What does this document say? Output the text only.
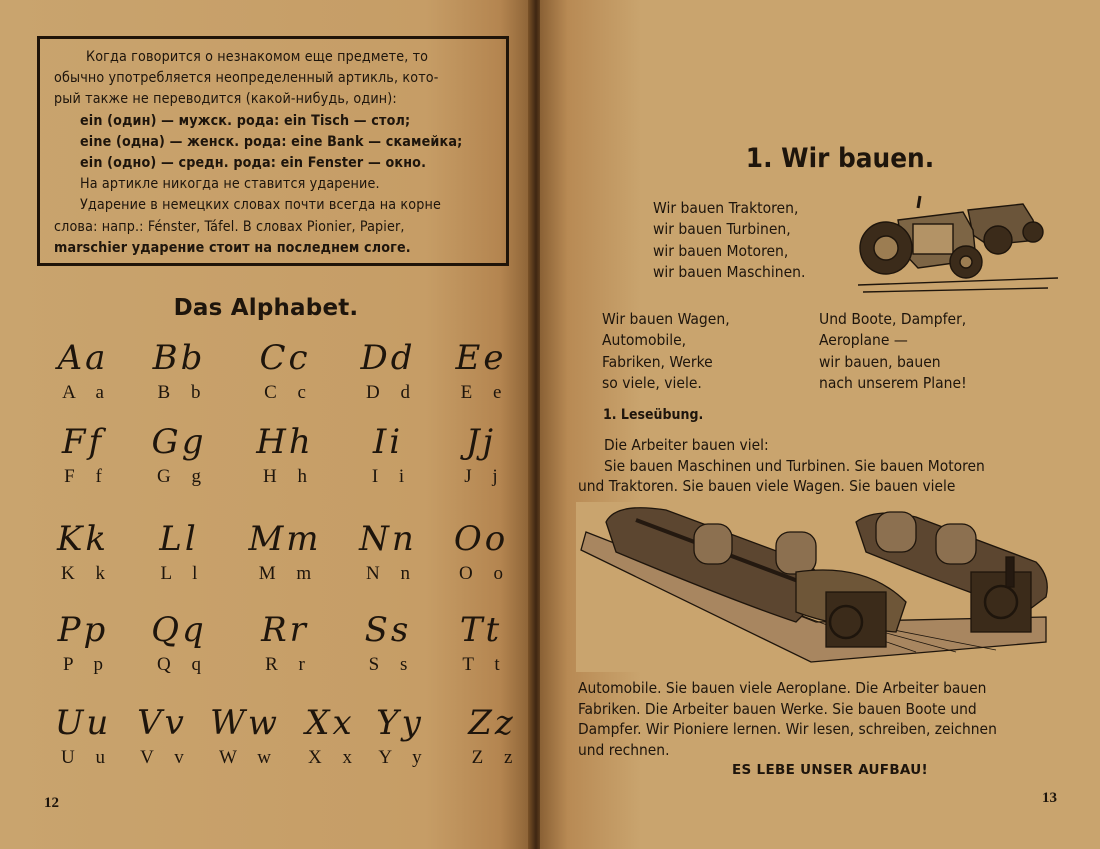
Когда говорится о незнакомом еще предмете, то
обычно употребляется неопределенный артикль, кото-
рый также не переводится (какой-нибудь, один):
ein (один) — мужск. рода: ein Tisch — стол;
eine (одна) — женск. рода: eine Bank — скамейка;
ein (одно) — средн. рода: ein Fenster — окно.
На артикле никогда не ставится ударение.
Ударение в немецких словах почти всегда на корне
слова: напр.: Fénster, Táfel. В словах Pionier, Papier,
marschier ударение стоит на последнем слоге.
Das Alphabet.
Aa
A a
Bb
B b
Cc
C c
Dd
D d
Ee
E e
Ff
F f
Gg
G g
Hh
H h
Ii
I i
Jj
J j
Kk
K k
Ll
L l
Mm
M m
Nn
N n
Oo
O o
Pp
P p
Qq
Q q
Rr
R r
Ss
S s
Tt
T t
Uu
U u
Vv
V v
Ww
W w
Xx
X x
Yy
Y y
Zz
Z z
12
1. Wir bauen.
Wir bauen Traktoren,
wir bauen Turbinen,
wir bauen Motoren,
wir bauen Maschinen.
Wir bauen Wagen,
Automobile,
Fabriken, Werke
so viele, viele.
Und Boote, Dampfer,
Aeroplane —
wir bauen, bauen
nach unserem Plane!
1. Leseübung.
Die Arbeiter bauen viel:
Sie bauen Maschinen und Turbinen. Sie bauen Motoren
und Traktoren. Sie bauen viele Wagen. Sie bauen viele
Automobile. Sie bauen viele Aeroplane. Die Arbeiter bauen
Fabriken. Die Arbeiter bauen Werke. Sie bauen Boote und
Dampfer. Wir Pioniere lernen. Wir lesen, schreiben, zeichnen
und rechnen.
ES LEBE UNSER AUFBAU!
13
